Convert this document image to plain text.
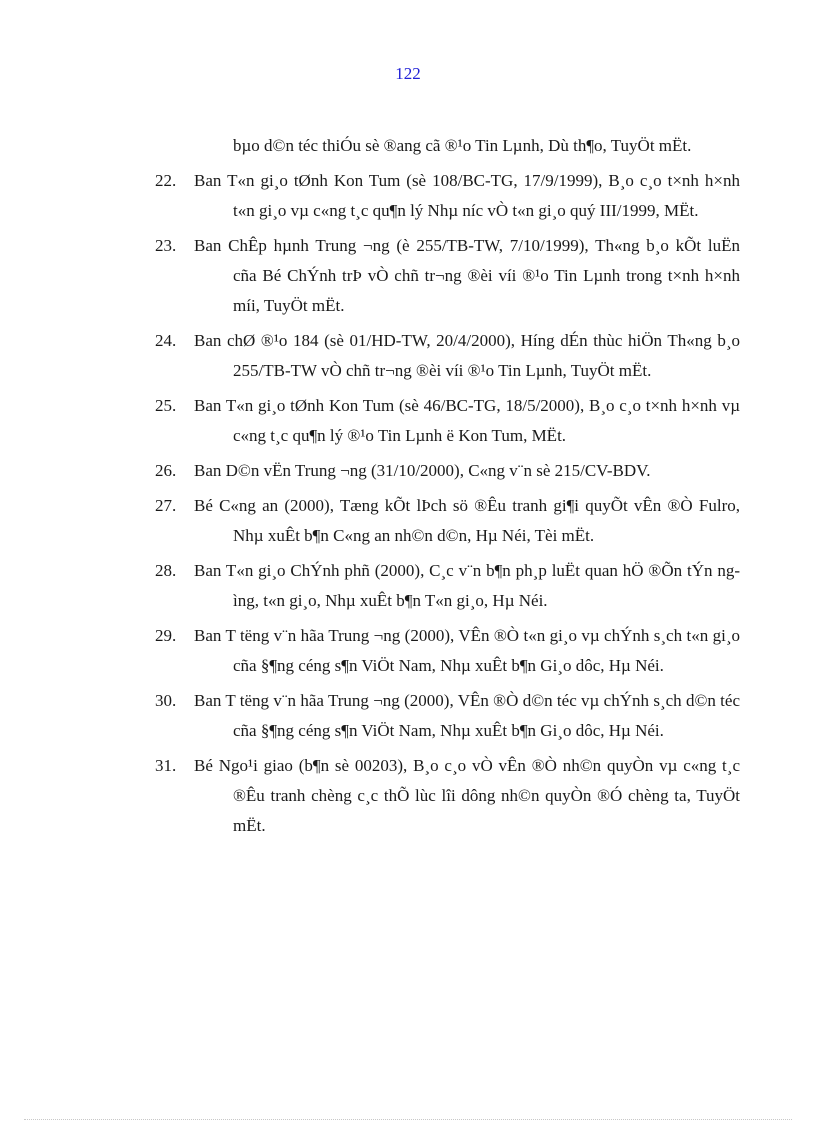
122
bµo d©n téc thiÓu sè ®ang cã ®¹o Tin Lµnh, Dù th¶o, TuyÖt mËt.
22. Ban T«n gi¸o tØnh Kon Tum (sè 108/BC-TG, 17/9/1999), B¸o c¸o t×nh h×nh t«n gi¸o vµ c«ng t¸c qu¶n lý Nhµ níc vÒ t«n gi¸o quý III/1999, MËt.
23. Ban ChÊp hµnh Trung ¬ng (è 255/TB-TW, 7/10/1999), Th«ng b¸o kÕt luËn cña Bé ChÝnh trÞ vÒ chñ tr¬ng ®èi víi ®¹o Tin Lµnh trong t×nh h×nh míi, TuyÖt mËt.
24. Ban chØ ®¹o 184 (sè 01/HD-TW, 20/4/2000), Híng dÉn thùc hiÖn Th«ng b¸o 255/TB-TW vÒ chñ tr¬ng ®èi víi ®¹o Tin Lµnh, TuyÖt mËt.
25. Ban T«n gi¸o tØnh Kon Tum (sè 46/BC-TG, 18/5/2000), B¸o c¸o t×nh h×nh vµ c«ng t¸c qu¶n lý ®¹o Tin Lµnh ë Kon Tum, MËt.
26. Ban D©n vËn Trung ¬ng (31/10/2000), C«ng v¨n sè 215/CV-BDV.
27. Bé C«ng an (2000), Tæng kÕt lÞch sö ®Êu tranh gi¶i quyÕt vÊn ®Ò Fulro, Nhµ xuÊt b¶n C«ng an nh©n d©n, Hµ Néi, Tèi mËt.
28. Ban T«n gi¸o ChÝnh phñ (2000), C¸c v¨n b¶n ph¸p luËt quan hÖ ®Õn tÝn ngìng, t«n gi¸o, Nhµ xuÊt b¶n T«n gi¸o, Hµ Néi.
29. Ban T tëng v¨n hãa Trung ¬ng (2000), VÊn ®Ò t«n gi¸o vµ chÝnh s¸ch t«n gi¸o cña §¶ng céng s¶n ViÖt Nam, Nhµ xuÊt b¶n Gi¸o dôc, Hµ Néi.
30. Ban T tëng v¨n hãa Trung ¬ng (2000), VÊn ®Ò d©n téc vµ chÝnh s¸ch d©n téc cña §¶ng céng s¶n ViÖt Nam, Nhµ xuÊt b¶n Gi¸o dôc, Hµ Néi.
31. Bé Ngo¹i giao (b¶n sè 00203), B¸o c¸o vÒ vÊn ®Ò nh©n quyÒn vµ c«ng t¸c ®Êu tranh chèng c¸c thÕ lùc lîi dông nh©n quyÒn ®Ó chèng ta, TuyÖt mËt.
